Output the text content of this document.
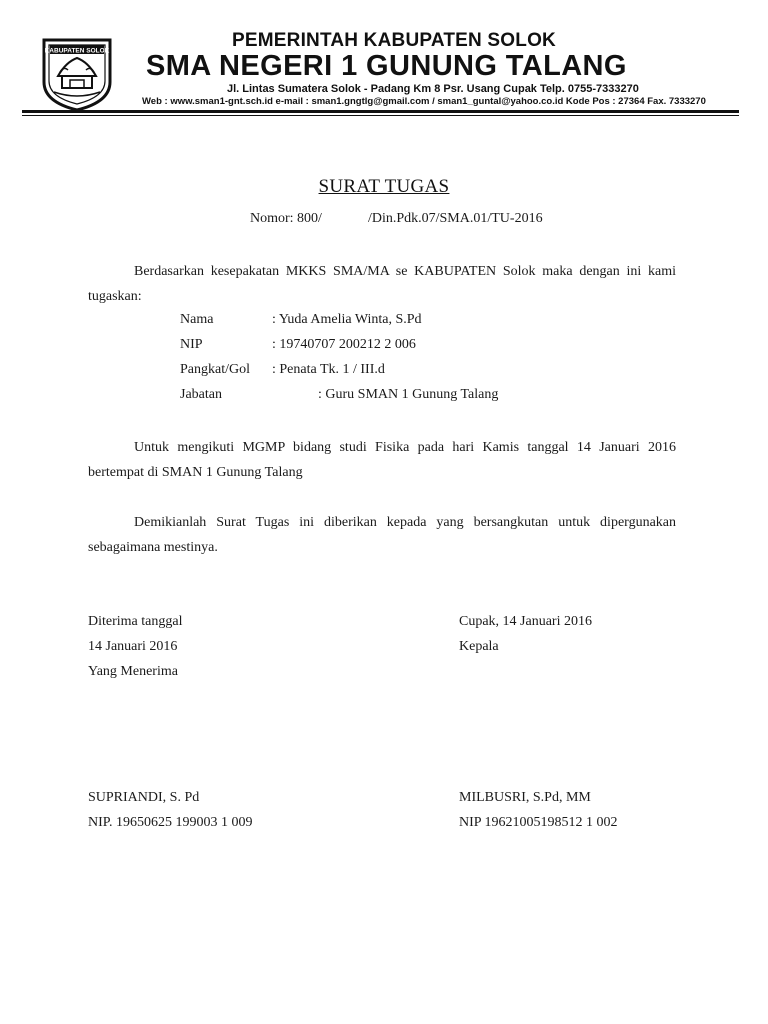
KABUPATEN SOLOK	PEMERINTAH KABUPATEN SOLOK
SMA NEGERI 1 GUNUNG TALANG
Jl. Lintas Sumatera Solok - Padang Km 8 Psr. Usang Cupak Telp. 0755-7333270
Web : www.sman1-gnt.sch.id e-mail : sman1.gngtlg@gmail.com / sman1_guntal@yahoo.co.id Kode Pos : 27364 Fax. 7333270
SURAT TUGAS
Nomor: 800/	/Din.Pdk.07/SMA.01/TU-2016
Berdasarkan kesepakatan MKKS SMA/MA se KABUPATEN Solok maka dengan ini kami tugaskan:
Nama	: Yuda Amelia Winta, S.Pd
NIP	: 19740707 200212 2 006
Pangkat/Gol : Penata Tk. 1 / III.d
Jabatan	: Guru SMAN 1 Gunung Talang
Untuk mengikuti MGMP bidang studi Fisika pada hari Kamis tanggal 14 Januari 2016 bertempat di SMAN 1 Gunung Talang
Demikianlah Surat Tugas ini diberikan kepada yang bersangkutan untuk dipergunakan sebagaimana mestinya.
Diterima tanggal
14 Januari 2016
Yang Menerima
SUPRIANDI, S. Pd
NIP. 19650625 199003 1 009
Cupak, 14 Januari 2016
Kepala
MILBUSRI, S.Pd, MM
NIP 19621005198512 1 002
